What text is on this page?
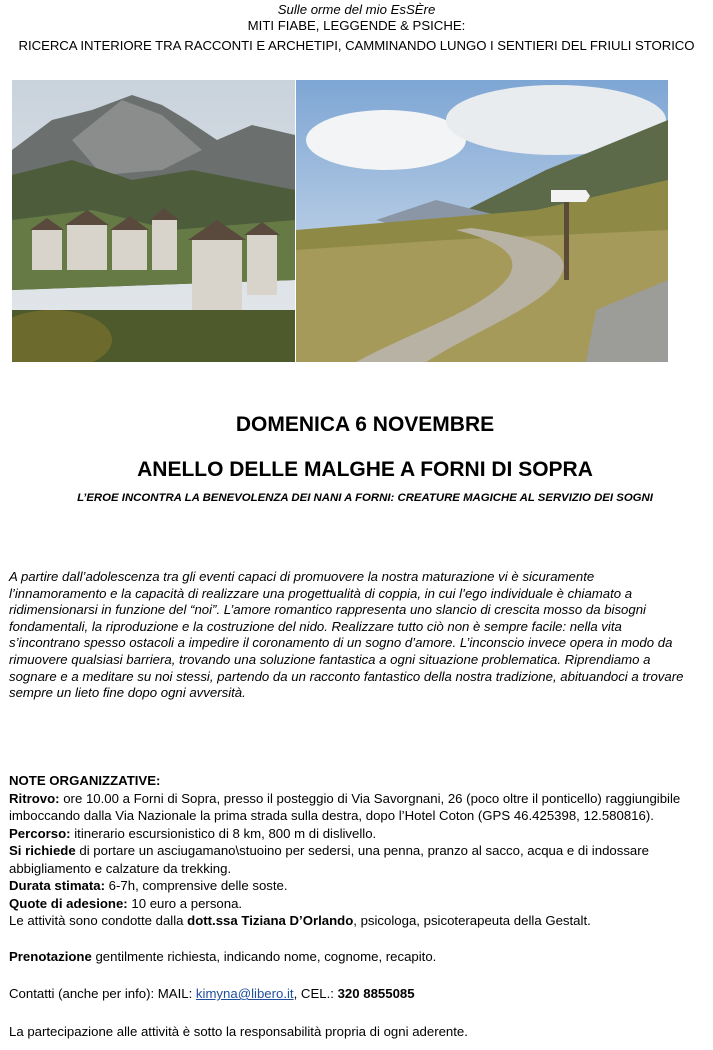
Sulle orme del mio EsSÈre
MITI FIABE, LEGGENDE & PSICHE:
RICERCA INTERIORE TRA RACCONTI E ARCHETIPI, CAMMINANDO LUNGO I SENTIERI DEL FRIULI STORICO
DOMENICA 6 NOVEMBRE
ANELLO DELLE MALGHE A FORNI DI SOPRA
L’EROE INCONTRA LA BENEVOLENZA DEI NANI A FORNI: CREATURE MAGICHE AL SERVIZIO DEI SOGNI
A partire dall’adolescenza tra gli eventi capaci di promuovere la nostra maturazione vi è sicuramente
l’innamoramento e la capacità di realizzare una progettualità di coppia, in cui l’ego individuale è chiamato a
ridimensionarsi in funzione del “noi”. L’amore romantico rappresenta uno slancio di crescita mosso da bisogni
fondamentali, la riproduzione e la costruzione del nido. Realizzare tutto ciò non è sempre facile: nella vita
s’incontrano spesso ostacoli a impedire il coronamento di un sogno d’amore. L’inconscio invece opera in modo da
rimuovere qualsiasi barriera, trovando una soluzione fantastica a ogni situazione problematica. Riprendiamo a
sognare e a meditare su noi stessi, partendo da un racconto fantastico della nostra tradizione, abituandoci a trovare
sempre un lieto fine dopo ogni avversità.

NOTE ORGANIZZATIVE:

Ritrovo: ore 10.00 a Forni di Sopra, presso il posteggio di Via Savorgnani, 26 (poco oltre il ponticello) raggiungibile

imboccando dalla Via Nazionale la prima strada sulla destra, dopo l’Hotel Coton (GPS 46.425398, 12.580816).

Percorso: itinerario escursionistico di 8 km, 800 m di dislivello.

Si richiede di portare un asciugamano\stuoino per sedersi, una penna, pranzo al sacco, acqua e di indossare

abbigliamento e calzature da trekking.

Durata stimata: 6-7h, comprensive delle soste.

Quote di adesione: 10 euro a persona.

Le attività sono condotte dalla dott.ssa Tiziana D’Orlando, psicologa, psicoterapeuta della Gestalt.

Prenotazione gentilmente richiesta, indicando nome, cognome, recapito.

Contatti (anche per info): MAIL: kimyna@libero.it, CEL.: 320 8855085

La partecipazione alle attività è sotto la responsabilità propria di ogni aderente.
